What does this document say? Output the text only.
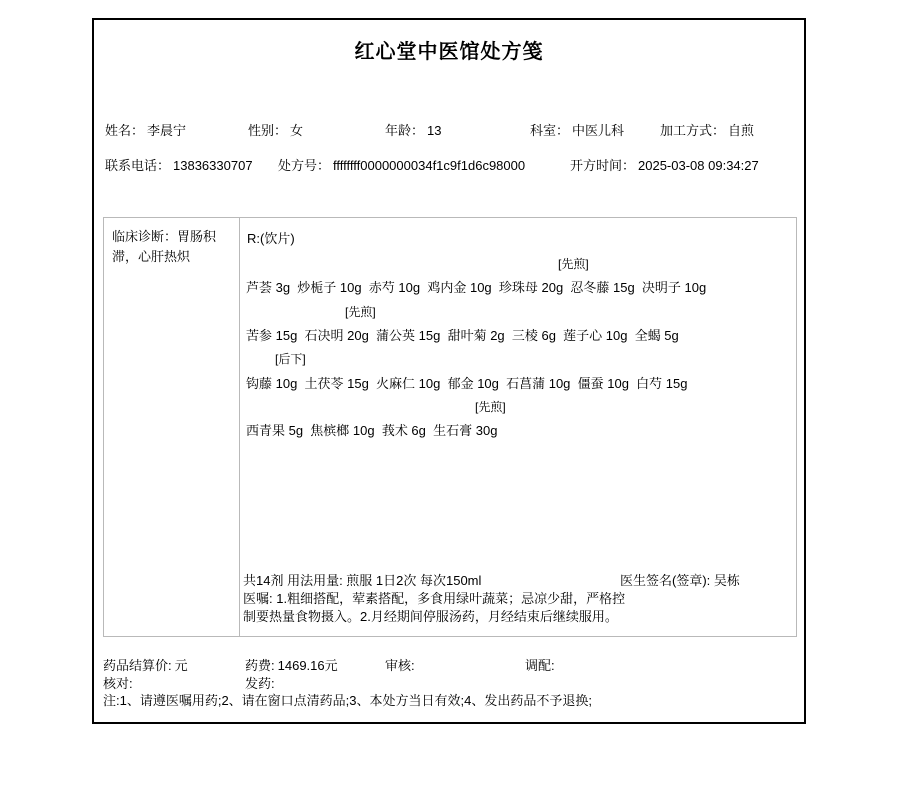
红心堂中医馆处方笺
姓名： 李晨宁	性别： 女	年龄： 13	科室： 中医儿科	加工方式： 自煎
联系电话： 13836330707 处方号： ffffffff0000000034f1c9f1d6c98000	开方时间： 2025-03-08 09:34:27
临床诊断：胃肠积滞，心肝热炽
R:(饮片)
[先煎]
芦荟 3g  炒栀子 10g  赤芍 10g  鸡内金 10g  珍珠母 20g  忍冬藤 15g  决明子 10g
[先煎]
苦参 15g  石决明 20g  蒲公英 15g  甜叶菊 2g  三棱 6g  莲子心 10g  全蝎 5g
[后下]
钩藤 10g  土茯苓 15g  火麻仁 10g  郁金 10g  石菖蒲 10g  僵蚕 10g  白芍 15g
[先煎]
西青果 5g  焦槟榔 10g  莪术 6g  生石膏 30g
共14剂 用法用量: 煎服 1日2次 每次150ml	医生签名(签章): 吴栋
医嘱: 1.粗细搭配，荤素搭配，多食用绿叶蔬菜；忌凉少甜，严格控制要热量食物摄入。2.月经期间停服汤药，月经结束后继续服用。
药品结算价: 元	药费: 1469.16元	审核:	调配:
核对:	发药:
注:1、请遵医嘱用药;2、请在窗口点清药品;3、本处方当日有效;4、发出药品不予退换;
